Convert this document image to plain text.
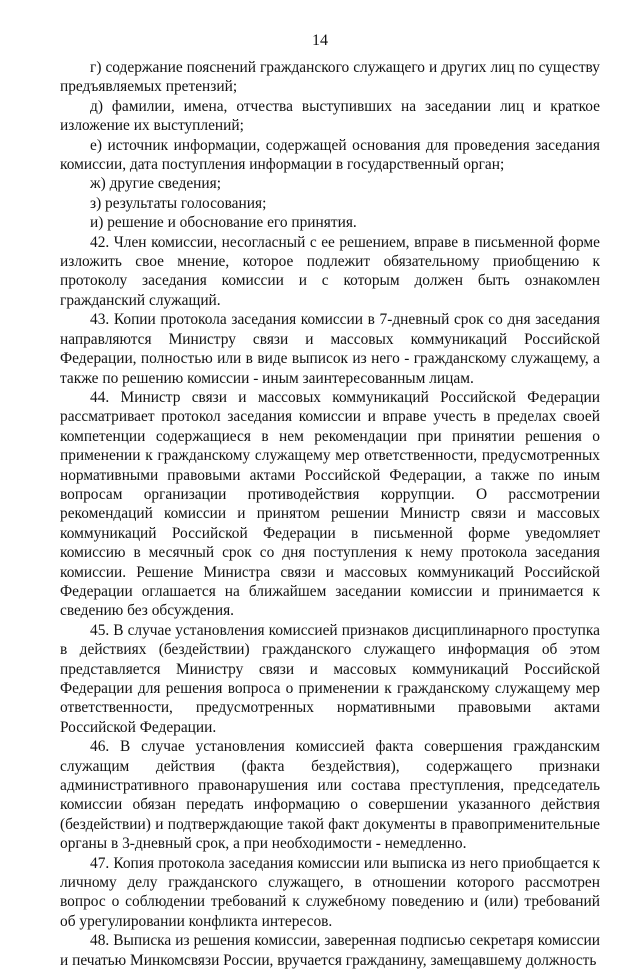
14

г) содержание пояснений гражданского служащего и других лиц по существу предъявляемых претензий;

д) фамилии, имена, отчества выступивших на заседании лиц и краткое изложение их выступлений;

е) источник информации, содержащей основания для проведения заседания комиссии, дата поступления информации в государственный орган;

ж) другие сведения;

з) результаты голосования;

и) решение и обоснование его принятия.

42. Член комиссии, несогласный с ее решением, вправе в письменной форме изложить свое мнение, которое подлежит обязательному приобщению к протоколу заседания комиссии и с которым должен быть ознакомлен гражданский служащий.

43. Копии протокола заседания комиссии в 7-дневный срок со дня заседания направляются Министру связи и массовых коммуникаций Российской Федерации, полностью или в виде выписок из него - гражданскому служащему, а также по решению комиссии - иным заинтересованным лицам.

44. Министр связи и массовых коммуникаций Российской Федерации рассматривает протокол заседания комиссии и вправе учесть в пределах своей компетенции содержащиеся в нем рекомендации при принятии решения о применении к гражданскому служащему мер ответственности, предусмотренных нормативными правовыми актами Российской Федерации, а также по иным вопросам организации противодействия коррупции. О рассмотрении рекомендаций комиссии и принятом решении Министр связи и массовых коммуникаций Российской Федерации в письменной форме уведомляет комиссию в месячный срок со дня поступления к нему протокола заседания комиссии. Решение Министра связи и массовых коммуникаций Российской Федерации оглашается на ближайшем заседании комиссии и принимается к сведению без обсуждения.

45. В случае установления комиссией признаков дисциплинарного проступка в действиях (бездействии) гражданского служащего информация об этом представляется Министру связи и массовых коммуникаций Российской Федерации для решения вопроса о применении к гражданскому служащему мер ответственности, предусмотренных нормативными правовыми актами Российской Федерации.

46. В случае установления комиссией факта совершения гражданским служащим действия (факта бездействия), содержащего признаки административного правонарушения или состава преступления, председатель комиссии обязан передать информацию о совершении указанного действия (бездействии) и подтверждающие такой факт документы в правоприменительные органы в 3-дневный срок, а при необходимости - немедленно.

47. Копия протокола заседания комиссии или выписка из него приобщается к личному делу гражданского служащего, в отношении которого рассмотрен вопрос о соблюдении требований к служебному поведению и (или) требований об урегулировании конфликта интересов.

48. Выписка из решения комиссии, заверенная подписью секретаря комиссии и печатью Минкомсвязи России, вручается гражданину, замещавшему должность
